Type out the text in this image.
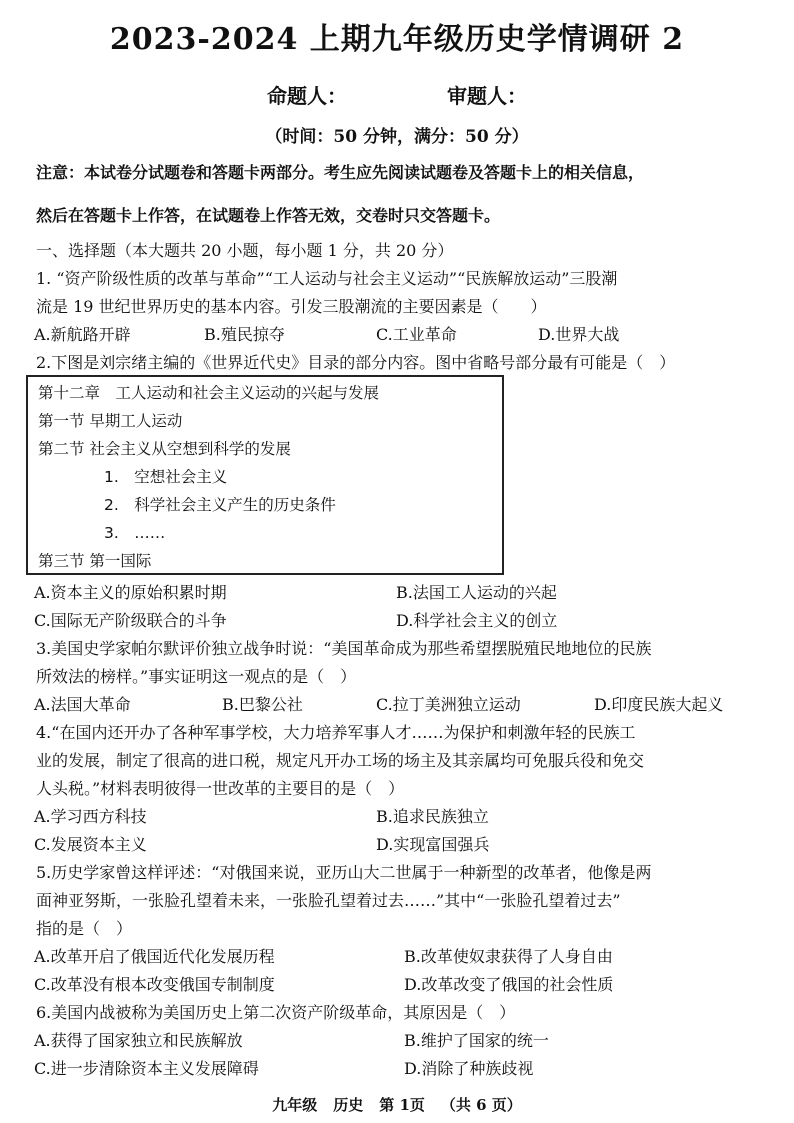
2023-2024 上期九年级历史学情调研 2
命题人：	审题人：
（时间：50 分钟，满分：50 分）
注意：本试卷分试题卷和答题卡两部分。考生应先阅读试题卷及答题卡上的相关信息，
然后在答题卡上作答，在试题卷上作答无效，交卷时只交答题卡。
一、选择题（本大题共 20 小题，每小题 1 分，共 20 分）
1. “资产阶级性质的改革与革命”“工人运动与社会主义运动”“民族解放运动”三股潮
流是 19 世纪世界历史的基本内容。引发三股潮流的主要因素是（　　）
A.新航路开辟	B.殖民掠夺	C.工业革命	D.世界大战
2.下图是刘宗绪主编的《世界近代史》目录的部分内容。图中省略号部分最有可能是（　）
第十二章　工人运动和社会主义运动的兴起与发展
第一节 早期工人运动
第二节 社会主义从空想到科学的发展
1.　空想社会主义
2.　科学社会主义产生的历史条件
3.　……
第三节 第一国际
A.资本主义的原始积累时期	B.法国工人运动的兴起
C.国际无产阶级联合的斗争	D.科学社会主义的创立
3.美国史学家帕尔默评价独立战争时说：“美国革命成为那些希望摆脱殖民地地位的民族
所效法的榜样。”事实证明这一观点的是（　）
A.法国大革命	B.巴黎公社	C.拉丁美洲独立运动	D.印度民族大起义
4.“在国内还开办了各种军事学校，大力培养军事人才……为保护和刺激年轻的民族工
业的发展，制定了很高的进口税，规定凡开办工场的场主及其亲属均可免服兵役和免交
人头税。”材料表明彼得一世改革的主要目的是（　）
A.学习西方科技	B.追求民族独立
C.发展资本主义	D.实现富国强兵
5.历史学家曾这样评述：“对俄国来说，亚历山大二世属于一种新型的改革者，他像是两
面神亚努斯，一张脸孔望着未来，一张脸孔望着过去……”其中“一张脸孔望着过去”
指的是（　）
A.改革开启了俄国近代化发展历程	B.改革使奴隶获得了人身自由
C.改革没有根本改变俄国专制制度	D.改革改变了俄国的社会性质
6.美国内战被称为美国历史上第二次资产阶级革命，其原因是（　）
A.获得了国家独立和民族解放	B.维护了国家的统一
C.进一步清除资本主义发展障碍	D.消除了种族歧视
九年级 历史 第 1页 （共 6 页）
